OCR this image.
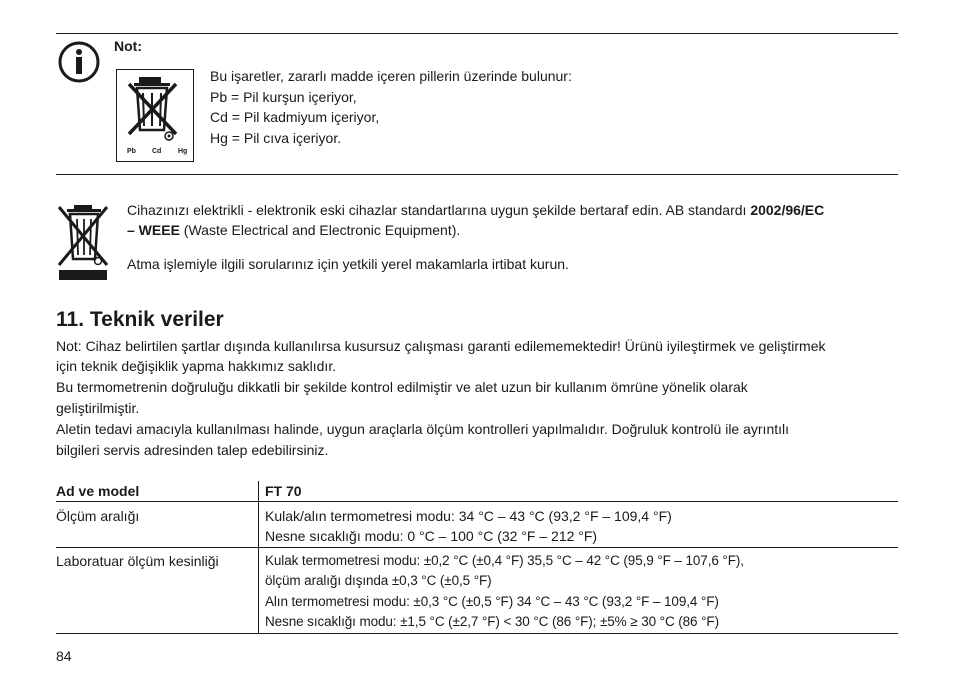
Not:
Pb Cd Hg
Bu işaretler, zararlı madde içeren pillerin üzerinde bulunur:
Pb = Pil kurşun içeriyor,
Cd = Pil kadmiyum içeriyor,
Hg = Pil cıva içeriyor.
Cihazınızı elektrikli - elektronik eski cihazlar standartlarına uygun şekilde bertaraf edin. AB standardı 2002/96/EC
– WEEE (Waste Electrical and Electronic Equipment).
Atma işlemiyle ilgili sorularınız için yetkili yerel makamlarla irtibat kurun.
11. Teknik veriler
Not: Cihaz belirtilen şartlar dışında kullanılırsa kusursuz çalışması garanti edilememektedir! Ürünü iyileştirmek ve geliştirmek
için teknik değişiklik yapma hakkımız saklıdır.
Bu termometrenin doğruluğu dikkatli bir şekilde kontrol edilmiştir ve alet uzun bir kullanım ömrüne yönelik olarak
geliştirilmiştir.
Aletin tedavi amacıyla kullanılması halinde, uygun araçlarla ölçüm kontrolleri yapılmalıdır. Doğruluk kontrolü ile ayrıntılı
bilgileri servis adresinden talep edebilirsiniz.
Ad ve model	FT 70
Ölçüm aralığı	Kulak/alın termometresi modu: 34 °C – 43 °C (93,2 °F – 109,4 °F)
Nesne sıcaklığı modu: 0 °C – 100 °C (32 °F – 212 °F)
Laboratuar ölçüm kesinliği	Kulak termometresi modu: ±0,2 °C (±0,4 °F) 35,5 °C – 42 °C (95,9 °F – 107,6 °F),
ölçüm aralığı dışında ±0,3 °C (±0,5 °F)
Alın termometresi modu: ±0,3 °C (±0,5 °F) 34 °C – 43 °C (93,2 °F – 109,4 °F)
Nesne sıcaklığı modu: ±1,5 °C (±2,7 °F) < 30 °C (86 °F); ±5% ≥ 30 °C (86 °F)
84
